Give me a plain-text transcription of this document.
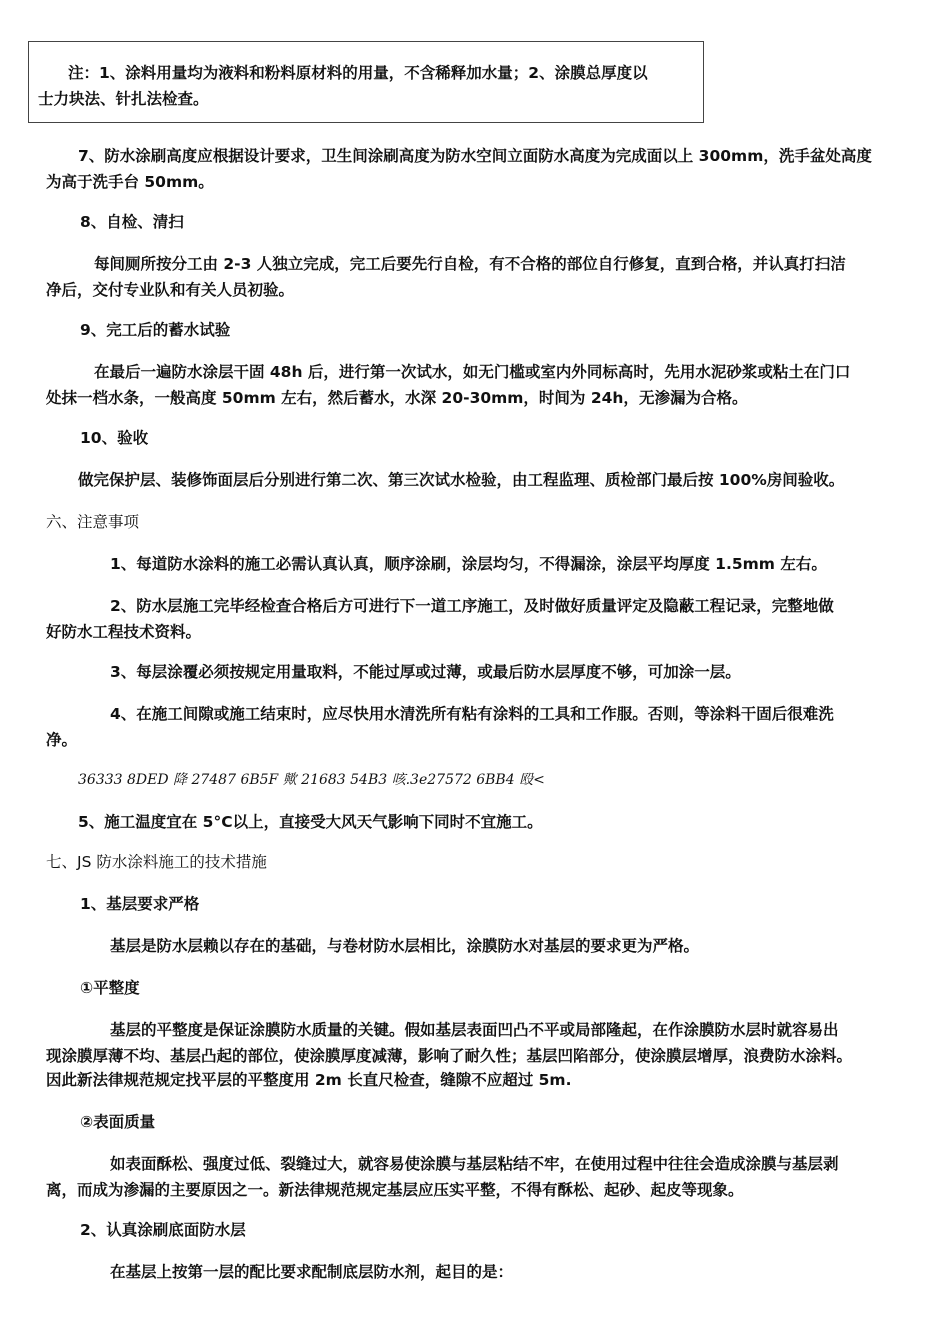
注：1、涂料用量均为液料和粉料原材料的用量，不含稀释加水量；2、涂膜总厚度以
士力块法、针扎法检查。
7、防水涂刷高度应根据设计要求，卫生间涂刷高度为防水空间立面防水高度为完成面以上 300mm，洗手盆处高度
为高于洗手台 50mm。
8、自检、清扫
每间厕所按分工由 2-3 人独立完成，完工后要先行自检，有不合格的部位自行修复，直到合格，并认真打扫洁
净后，交付专业队和有关人员初验。
9、完工后的蓄水试验
在最后一遍防水涂层干固 48h 后，进行第一次试水，如无门槛或室内外同标高时，先用水泥砂浆或粘土在门口
处抹一档水条，一般高度 50mm 左右，然后蓄水，水深 20-30mm，时间为 24h，无渗漏为合格。
10、验收
做完保护层、装修饰面层后分别进行第二次、第三次试水检验，由工程监理、质检部门最后按 100%房间验收。
六、注意事项
1、每道防水涂料的施工必需认真认真，顺序涂刷，涂层均匀，不得漏涂，涂层平均厚度 1.5mm 左右。
2、防水层施工完毕经检查合格后方可进行下一道工序施工，及时做好质量评定及隐蔽工程记录，完整地做
好防水工程技术资料。
3、每层涂覆必须按规定用量取料，不能过厚或过薄，或最后防水层厚度不够，可加涂一层。
4、在施工间隙或施工结束时，应尽快用水清洗所有粘有涂料的工具和工作服。否则，等涂料干固后很难洗
净。
36333 8DED 降 27487 6B5F 歟 21683 54B3 咳.3e27572 6BB4 殴<
5、施工温度宜在 5°C以上，直接受大风天气影响下同时不宜施工。
七、JS 防水涂料施工的技术措施
1、基层要求严格
基层是防水层赖以存在的基础，与卷材防水层相比，涂膜防水对基层的要求更为严格。
①平整度
基层的平整度是保证涂膜防水质量的关键。假如基层表面凹凸不平或局部隆起，在作涂膜防水层时就容易出
现涂膜厚薄不均、基层凸起的部位，使涂膜厚度减薄，影响了耐久性；基层凹陷部分，使涂膜层增厚，浪费防水涂料。
因此新法律规范规定找平层的平整度用 2m 长直尺检查，缝隙不应超过 5m.
②表面质量
如表面酥松、强度过低、裂缝过大，就容易使涂膜与基层粘结不牢，在使用过程中往往会造成涂膜与基层剥
离，而成为渗漏的主要原因之一。新法律规范规定基层应压实平整，不得有酥松、起砂、起皮等现象。
2、认真涂刷底面防水层
在基层上按第一层的配比要求配制底层防水剂，起目的是：
